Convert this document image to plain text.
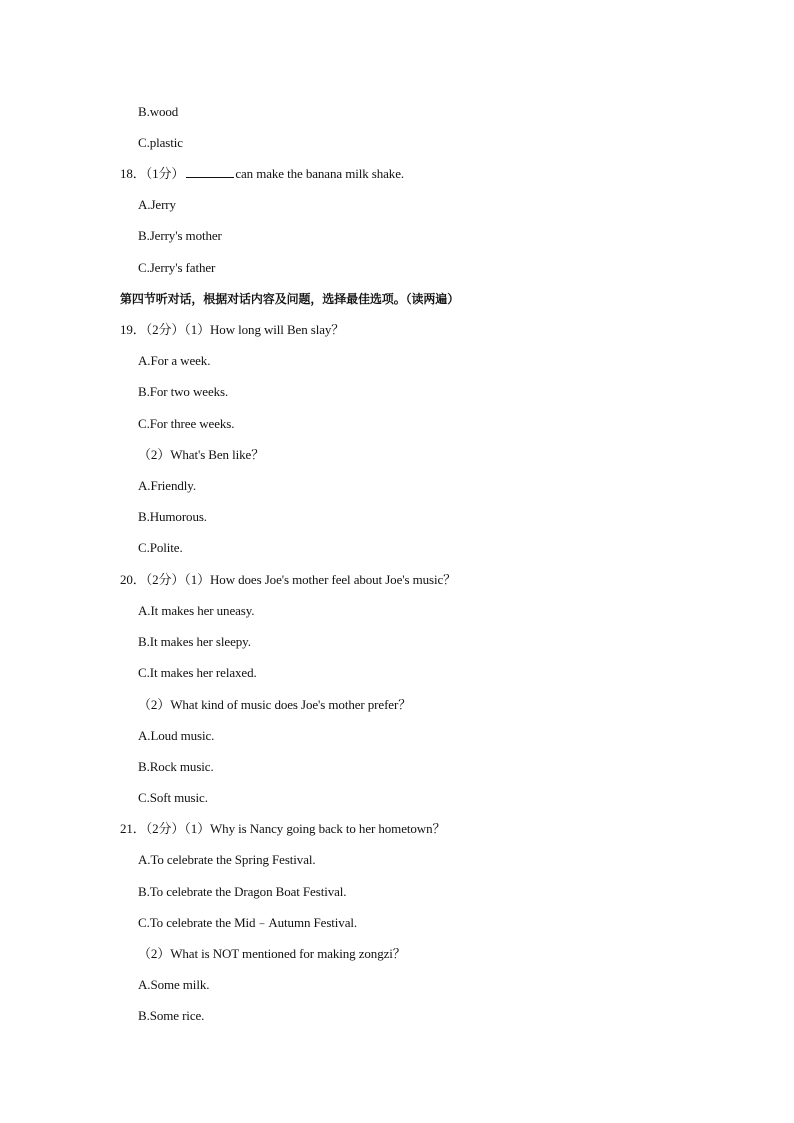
B.wood
C.plastic
18．（1分）	can make the banana milk shake.
A.Jerry
B.Jerry's mother
C.Jerry's father
第四节听对话，根据对话内容及问题，选择最佳选项。（读两遍）
19．（2分）（1）How long will Ben slay？
A.For a week.
B.For two weeks.
C.For three weeks.
（2）What's Ben like？
A.Friendly.
B.Humorous.
C.Polite.
20．（2分）（1）How does Joe's mother feel about Joe's music？
A.It makes her uneasy.
B.It makes her sleepy.
C.It makes her relaxed.
（2）What kind of music does Joe's mother prefer？
A.Loud music.
B.Rock music.
C.Soft music.
21．（2分）（1）Why is Nancy going back to her hometown？
A.To celebrate the Spring Festival.
B.To celebrate the Dragon Boat Festival.
C.To celebrate the Mid﹣Autumn Festival.
（2）What is NOT mentioned for making zongzi？
A.Some milk.
B.Some rice.
